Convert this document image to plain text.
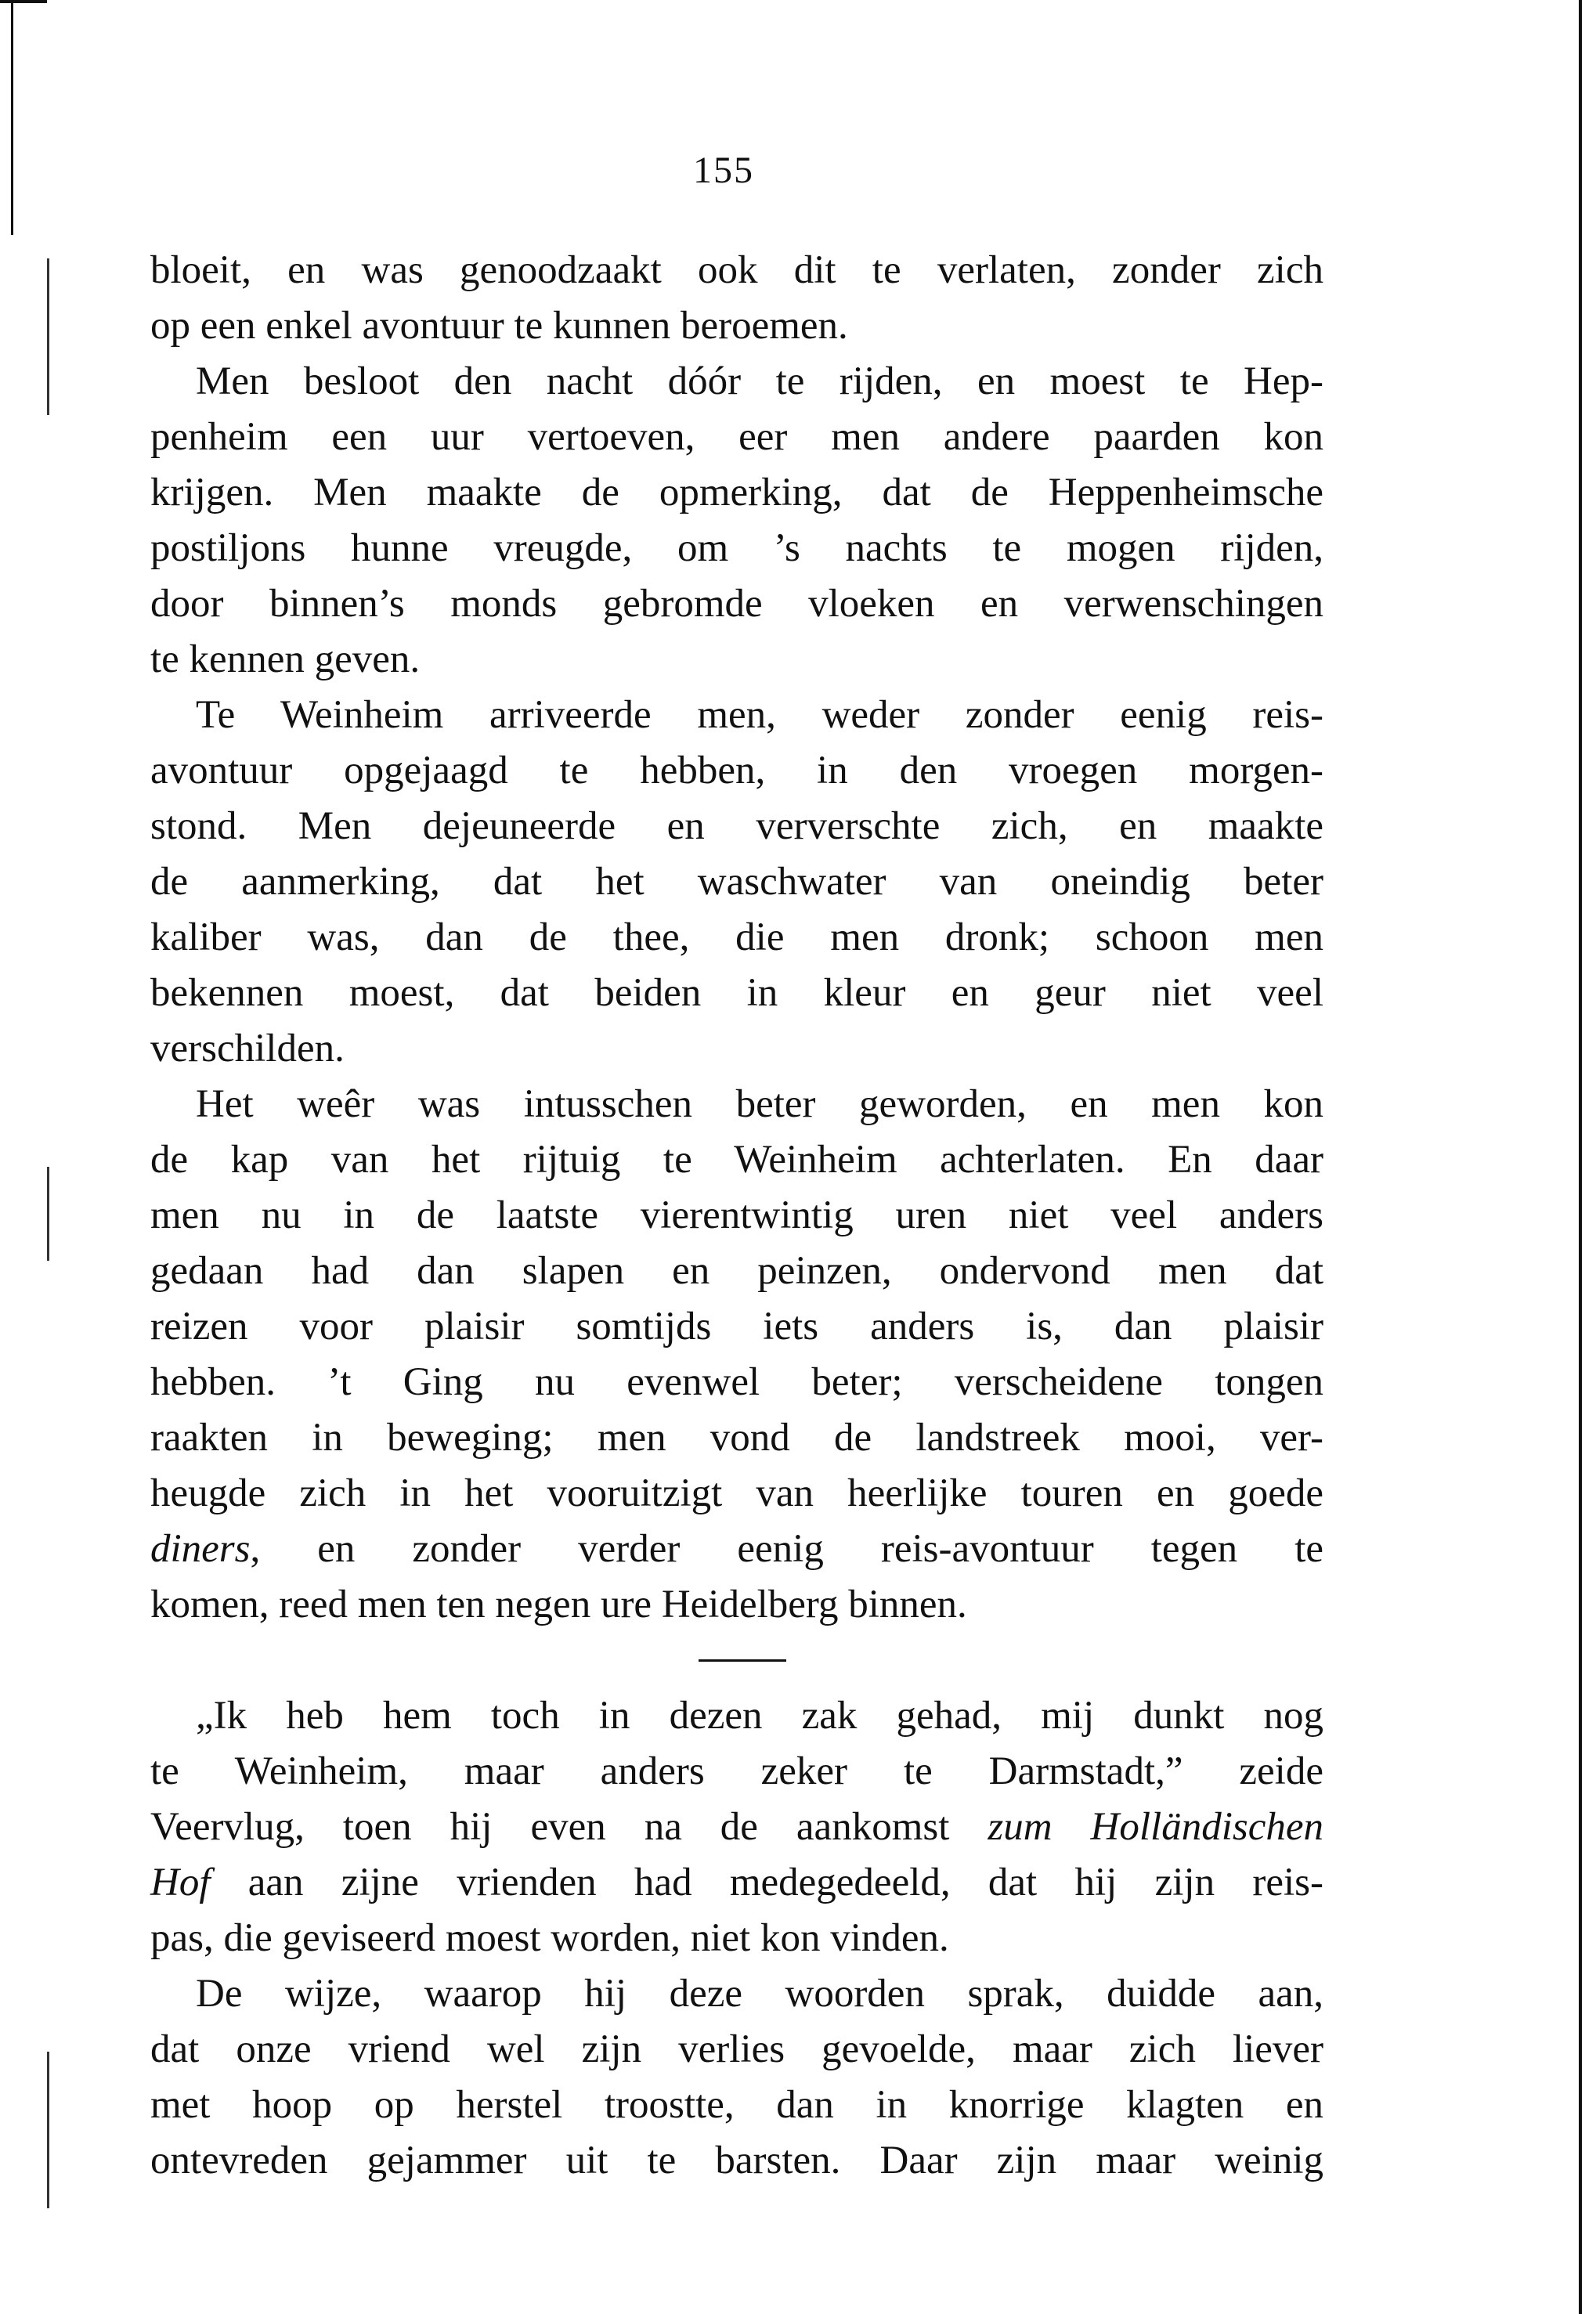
155
bloeit, en was genoodzaakt ook dit te verlaten, zonder zich
op een enkel avontuur te kunnen beroemen.
Men besloot den nacht dóór te rijden, en moest te Hep-
penheim een uur vertoeven, eer men andere paarden kon
krijgen. Men maakte de opmerking, dat de Heppenheimsche
postiljons hunne vreugde, om ’s nachts te mogen rijden,
door binnen’s monds gebromde vloeken en verwenschingen
te kennen geven.
Te Weinheim arriveerde men, weder zonder eenig reis-
avontuur opgejaagd te hebben, in den vroegen morgen-
stond. Men dejeuneerde en ververschte zich, en maakte
de aanmerking, dat het waschwater van oneindig beter
kaliber was, dan de thee, die men dronk; schoon men
bekennen moest, dat beiden in kleur en geur niet veel
verschilden.
Het weêr was intusschen beter geworden, en men kon
de kap van het rijtuig te Weinheim achterlaten. En daar
men nu in de laatste vierentwintig uren niet veel anders
gedaan had dan slapen en peinzen, ondervond men dat
reizen voor plaisir somtijds iets anders is, dan plaisir
hebben. ’t Ging nu evenwel beter; verscheidene tongen
raakten in beweging; men vond de landstreek mooi, ver-
heugde zich in het vooruitzigt van heerlijke touren en goede
diners, en zonder verder eenig reis-avontuur tegen te
komen, reed men ten negen ure Heidelberg binnen.
„Ik heb hem toch in dezen zak gehad, mij dunkt nog
te Weinheim, maar anders zeker te Darmstadt,” zeide
Veervlug, toen hij even na de aankomst zum Holländischen
Hof aan zijne vrienden had medegedeeld, dat hij zijn reis-
pas, die geviseerd moest worden, niet kon vinden.
De wijze, waarop hij deze woorden sprak, duidde aan,
dat onze vriend wel zijn verlies gevoelde, maar zich liever
met hoop op herstel troostte, dan in knorrige klagten en
ontevreden gejammer uit te barsten. Daar zijn maar weinig
